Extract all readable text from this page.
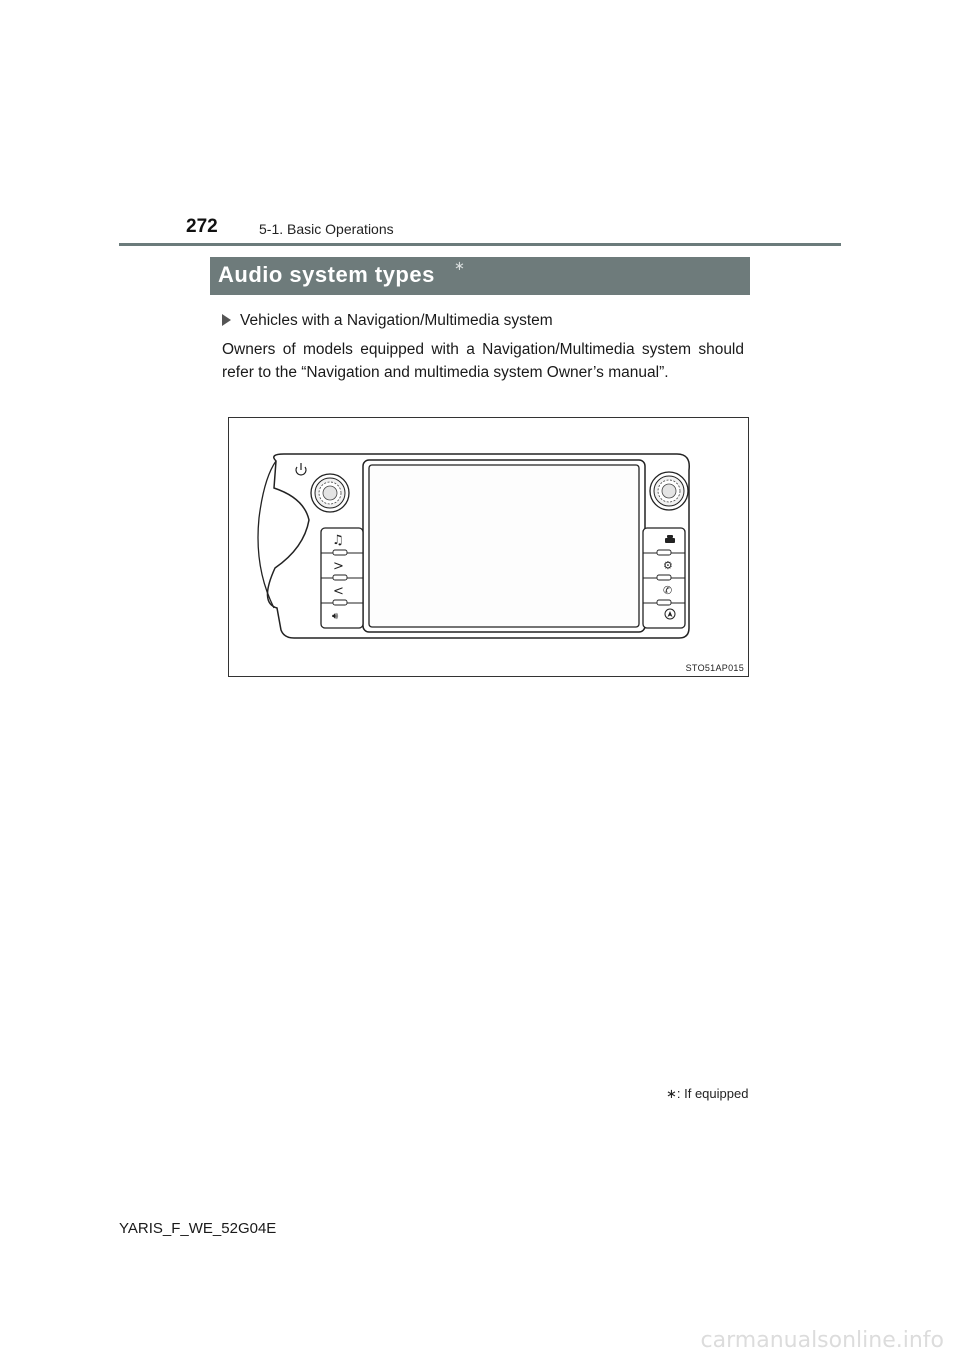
272	5-1. Basic Operations
Audio system types ∗
Vehicles with a Navigation/Multimedia system
Owners of models equipped with a Navigation/Multimedia system should refer to the “Navigation and multimedia system Owner’s manual”.
♫
>
<
🔊︎
⚙
✆
STO51AP015
∗: If equipped
YARIS_F_WE_52G04E
carmanualsonline.info
